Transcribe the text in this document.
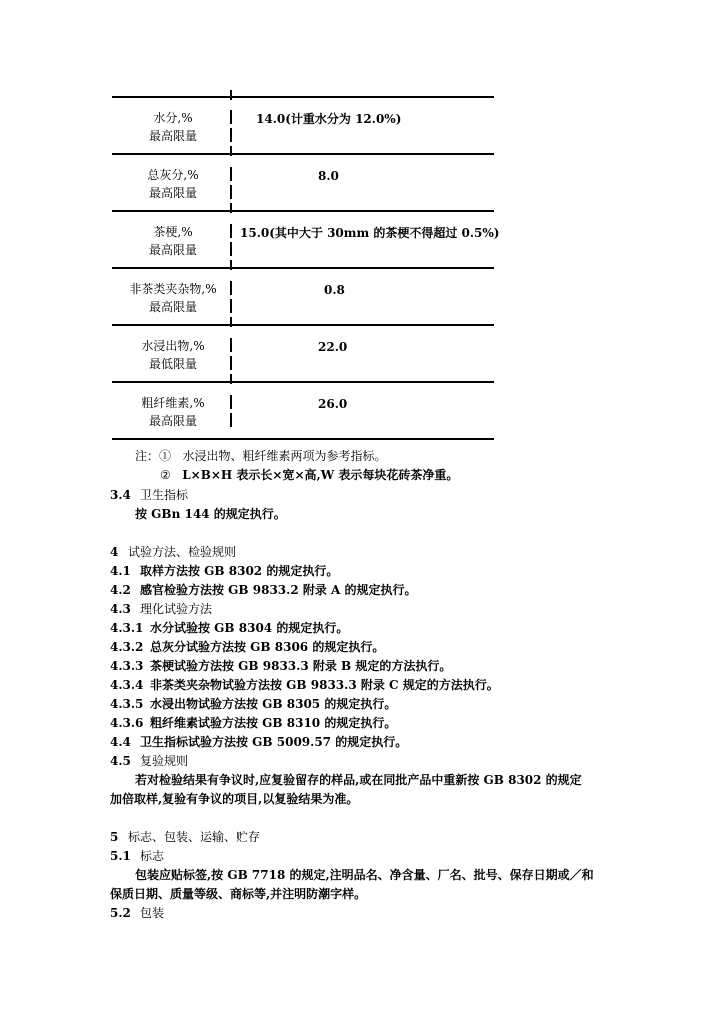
水分,%
最高限量
14.0(计重水分为 12.0%)
总灰分,%
最高限量
8.0
茶梗,%
最高限量
15.0(其中大于 30mm 的茶梗不得超过 0.5%)
非茶类夹杂物,%
最高限量
0.8
水浸出物,%
最低限量
22.0
粗纤维素,%
最高限量
26.0
注：① 水浸出物、粗纤维素两项为参考指标。
② L×B×H 表示长×宽×高,W 表示每块花砖茶净重。
3.4 卫生指标
按 GBn 144 的规定执行。
4 试验方法、检验规则
4.1 取样方法按 GB 8302 的规定执行。
4.2 感官检验方法按 GB 9833.2 附录 A 的规定执行。
4.3 理化试验方法
4.3.1 水分试验按 GB 8304 的规定执行。
4.3.2 总灰分试验方法按 GB 8306 的规定执行。
4.3.3 茶梗试验方法按 GB 9833.3 附录 B 规定的方法执行。
4.3.4 非茶类夹杂物试验方法按 GB 9833.3 附录 C 规定的方法执行。
4.3.5 水浸出物试验方法按 GB 8305 的规定执行。
4.3.6 粗纤维素试验方法按 GB 8310 的规定执行。
4.4 卫生指标试验方法按 GB 5009.57 的规定执行。
4.5 复验规则
若对检验结果有争议时,应复验留存的样品,或在同批产品中重新按 GB 8302 的规定
加倍取样,复验有争议的项目,以复验结果为准。
5 标志、包装、运输、贮存
5.1 标志
包装应贴标签,按 GB 7718 的规定,注明品名、净含量、厂名、批号、保存日期或／和
保质日期、质量等级、商标等,并注明防潮字样。
5.2 包装
